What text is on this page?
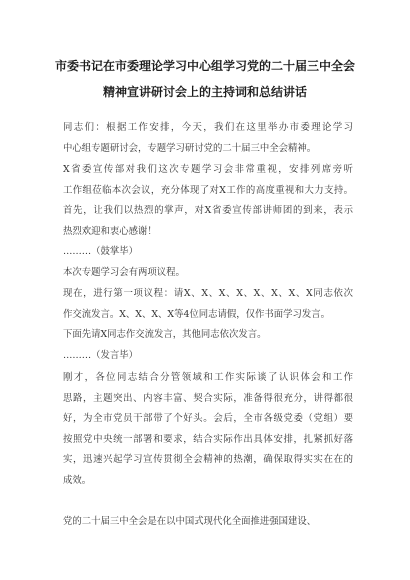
市委书记在市委理论学习中心组学习党的二十届三中全会
精神宣讲研讨会上的主持词和总结讲话

同志们：根据工作安排，今天，我们在这里举办市委理论学习
中心组专题研讨会，专题学习研讨党的二十届三中全会精神。

X省委宣传部对我们这次专题学习会非常重视，安排列席旁听
工作组莅临本次会议，充分体现了对X工作的高度重视和大力支持。
首先，让我们以热烈的掌声，对X省委宣传部讲师团的到来，表示
热烈欢迎和衷心感谢！

………（鼓掌毕）

本次专题学习会有两项议程。

现在，进行第一项议程：请X、X、X、X、X、X、X、X同志依次
作交流发言。X、X、X、X等4位同志请假，仅作书面学习发言。

下面先请X同志作交流发言，其他同志依次发言。

………（发言毕）

刚才，各位同志结合分管领域和工作实际谈了认识体会和工作
思路，主题突出、内容丰富、契合实际，准备得很充分，讲得都很
好，为全市党员干部带了个好头。会后，全市各级党委（党组）要
按照党中央统一部署和要求，结合实际作出具体安排，扎紧抓好落
实，迅速兴起学习宣传贯彻全会精神的热潮，确保取得实实在在的
成效。

党的二十届三中全会是在以中国式现代化全面推进强国建设、
